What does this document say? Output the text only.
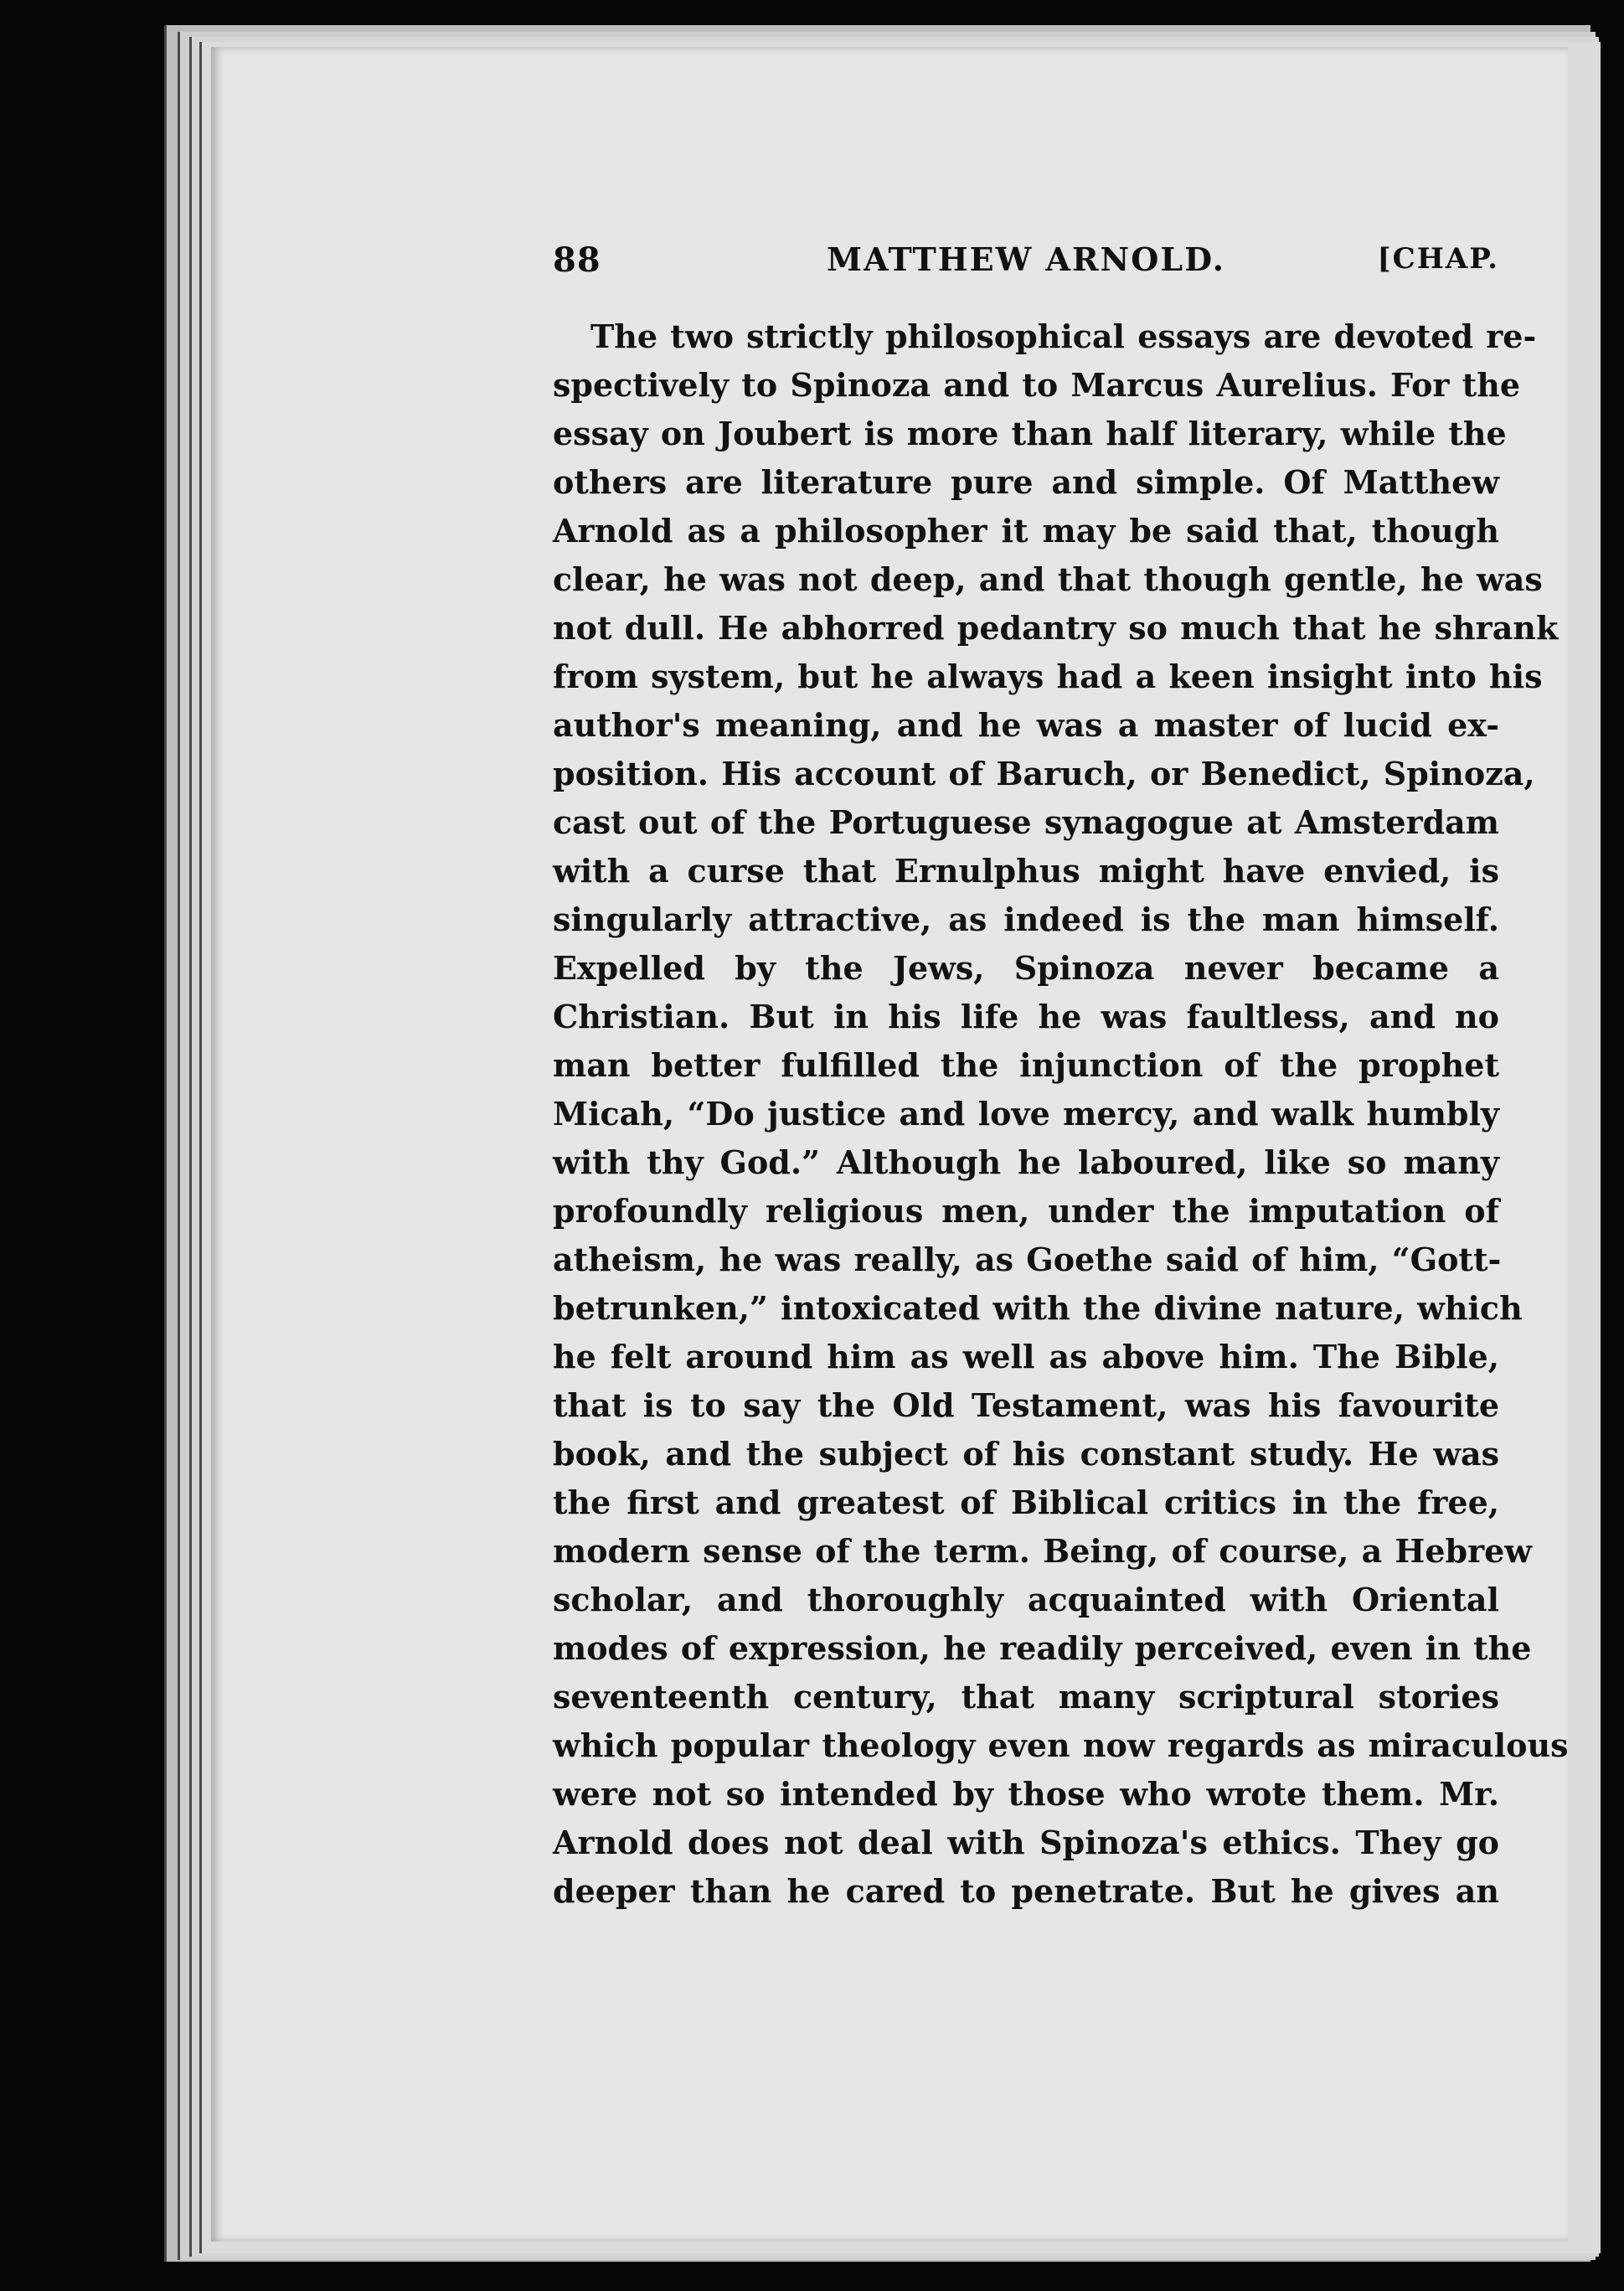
88	MATTHEW ARNOLD.	[CHAP.
The two strictly philosophical essays are devoted re-
spectively to Spinoza and to Marcus Aurelius. For the
essay on Joubert is more than half literary, while the
others are literature pure and simple. Of Matthew
Arnold as a philosopher it may be said that, though
clear, he was not deep, and that though gentle, he was
not dull. He abhorred pedantry so much that he shrank
from system, but he always had a keen insight into his
author's meaning, and he was a master of lucid ex-
position. His account of Baruch, or Benedict, Spinoza,
cast out of the Portuguese synagogue at Amsterdam
with a curse that Ernulphus might have envied, is
singularly attractive, as indeed is the man himself.
Expelled by the Jews, Spinoza never became a
Christian. But in his life he was faultless, and no
man better fulfilled the injunction of the prophet
Micah, “Do justice and love mercy, and walk humbly
with thy God.” Although he laboured, like so many
profoundly religious men, under the imputation of
atheism, he was really, as Goethe said of him, “Gott-
betrunken,” intoxicated with the divine nature, which
he felt around him as well as above him. The Bible,
that is to say the Old Testament, was his favourite
book, and the subject of his constant study. He was
the first and greatest of Biblical critics in the free,
modern sense of the term. Being, of course, a Hebrew
scholar, and thoroughly acquainted with Oriental
modes of expression, he readily perceived, even in the
seventeenth century, that many scriptural stories
which popular theology even now regards as miraculous
were not so intended by those who wrote them. Mr.
Arnold does not deal with Spinoza's ethics. They go
deeper than he cared to penetrate. But he gives an
